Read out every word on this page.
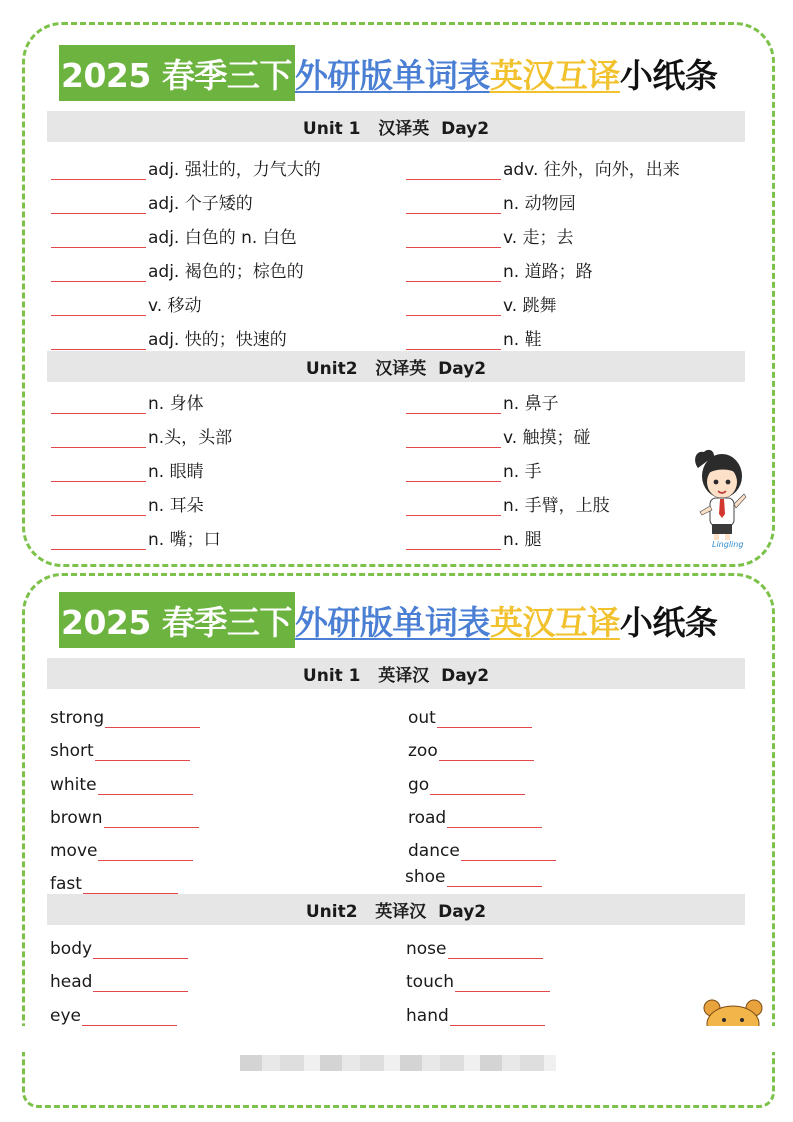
2025 春季三下 外研版单词表 英汉互译 小纸条
Unit 1   汉译英  Day2
adj. 强壮的，力气大的
adj. 个子矮的
adj. 白色的 n. 白色
adj. 褐色的；棕色的
v. 移动
adj. 快的；快速的
adv. 往外，向外，出来
n. 动物园
v. 走；去
n. 道路；路
v. 跳舞
n. 鞋
Unit2   汉译英  Day2
n. 身体
n.头，头部
n. 眼睛
n. 耳朵
n. 嘴；口
n. 鼻子
v. 触摸；碰
n. 手
n. 手臂，上肢
n. 腿	Lingling
2025 春季三下 外研版单词表 英汉互译 小纸条
Unit 1   英译汉  Day2
strong
short
white
brown
move
fast
out
zoo
go
road
dance
shoe
Unit2   英译汉  Day2
body
head
eye
nose
touch
hand
